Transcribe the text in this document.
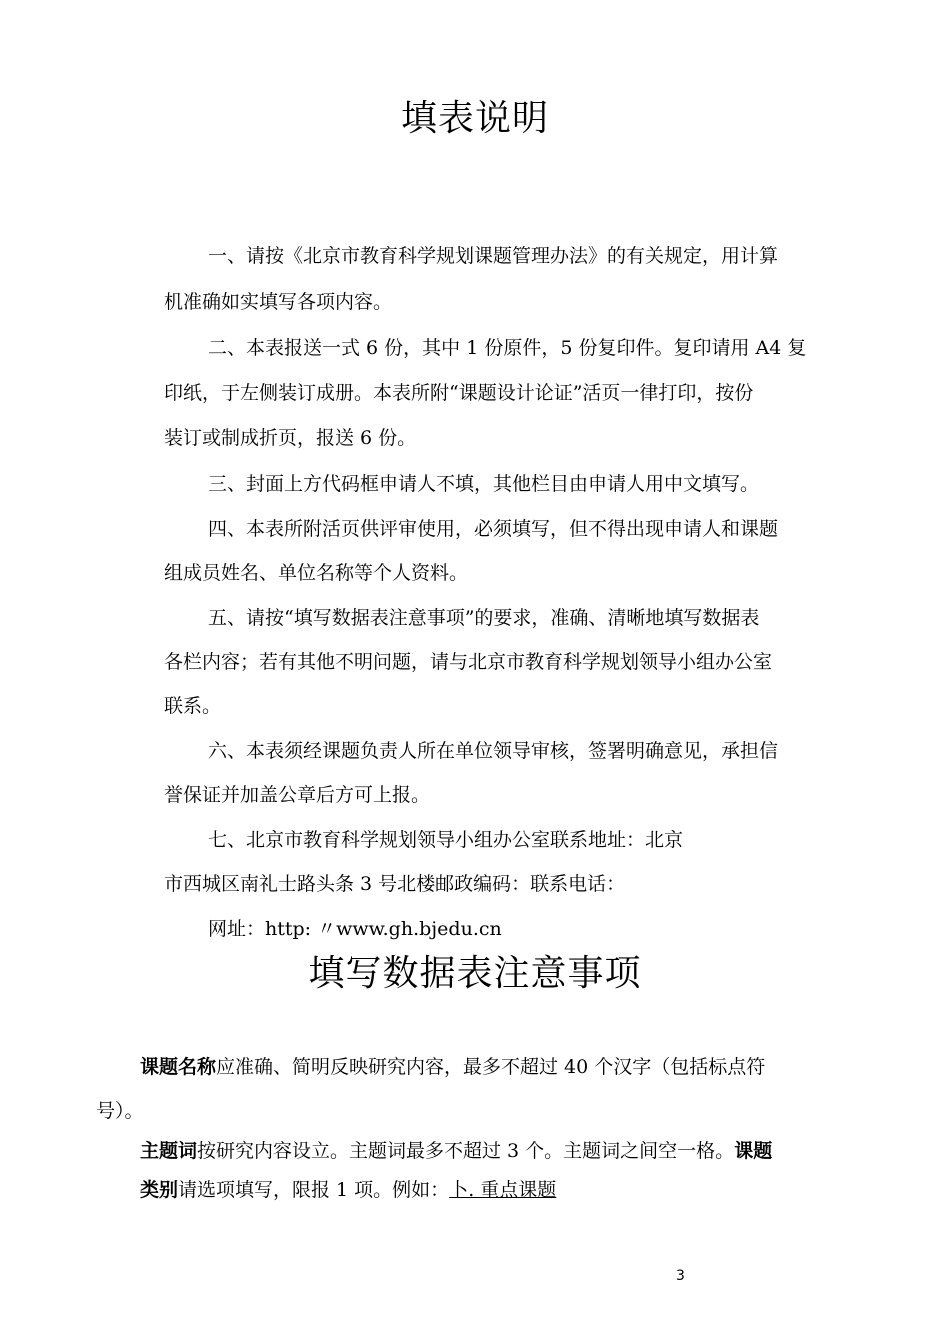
填表说明
一、请按《北京市教育科学规划课题管理办法》的有关规定，用计算
机准确如实填写各项内容。
二、本表报送一式 6 份，其中 1 份原件，5 份复印件。复印请用 A4 复
印纸，于左侧装订成册。本表所附“课题设计论证”活页一律打印，按份
装订或制成折页，报送 6 份。
三、封面上方代码框申请人不填，其他栏目由申请人用中文填写。
四、本表所附活页供评审使用，必须填写，但不得出现申请人和课题
组成员姓名、单位名称等个人资料。
五、请按“填写数据表注意事项”的要求，准确、清晰地填写数据表
各栏内容；若有其他不明问题，请与北京市教育科学规划领导小组办公室
联系。
六、本表须经课题负责人所在单位领导审核，签署明确意见，承担信
誉保证并加盖公章后方可上报。
七、北京市教育科学规划领导小组办公室联系地址：北京
市西城区南礼士路头条 3 号北楼邮政编码：联系电话：
网址：http: 〃www.gh.bjedu.cn
填写数据表注意事项
课题名称应准确、简明反映研究内容，最多不超过 40 个汉字（包括标点符
号）。
主题词按研究内容设立。主题词最多不超过 3 个。主题词之间空一格。课题
类别请选项填写，限报 1 项。例如：卜. 重点课题
3
